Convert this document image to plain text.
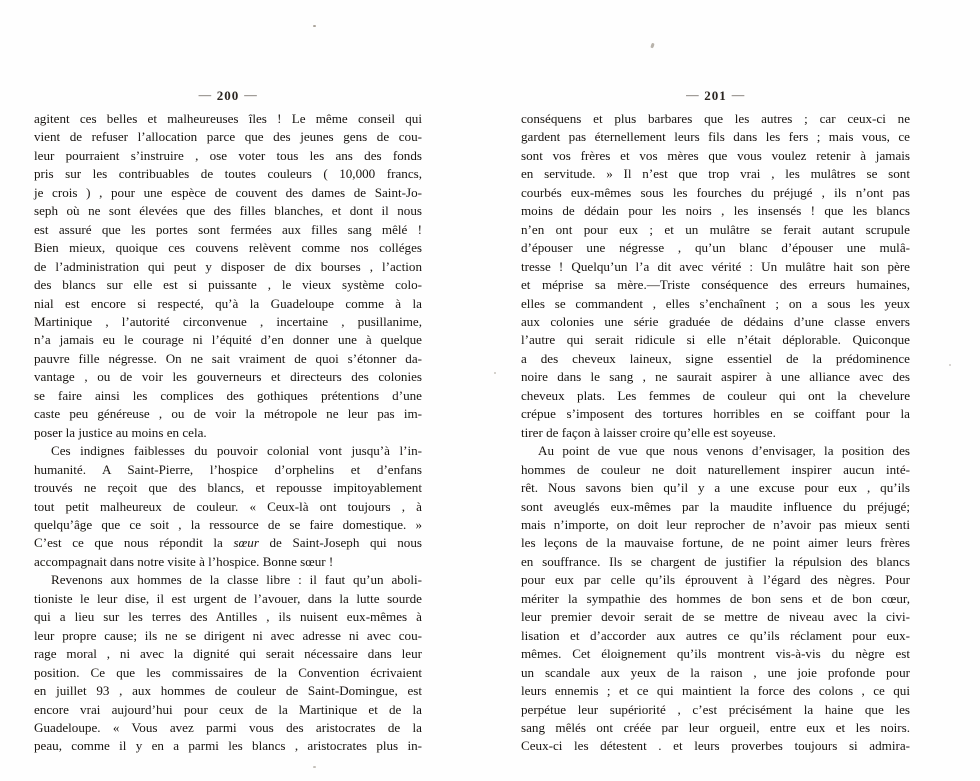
— 200 —
agitent ces belles et malheureuses îles ! Le même conseil qui
vient de refuser l’allocation parce que des jeunes gens de cou-
leur pourraient s’instruire , ose voter tous les ans des fonds
pris sur les contribuables de toutes couleurs ( 10,000 francs,
je crois ) , pour une espèce de couvent des dames de Saint-Jo-
seph où ne sont élevées que des filles blanches, et dont il nous
est assuré que les portes sont fermées aux filles sang mêlé !
Bien mieux, quoique ces couvens relèvent comme nos colléges
de l’administration qui peut y disposer de dix bourses , l’action
des blancs sur elle est si puissante , le vieux système colo-
nial est encore si respecté, qu’à la Guadeloupe comme à la
Martinique , l’autorité circonvenue , incertaine , pusillanime,
n’a jamais eu le courage ni l’équité d’en donner une à quelque
pauvre fille négresse. On ne sait vraiment de quoi s’étonner da-
vantage , ou de voir les gouverneurs et directeurs des colonies
se faire ainsi les complices des gothiques prétentions d’une
caste peu généreuse , ou de voir la métropole ne leur pas im-
poser la justice au moins en cela.
Ces indignes faiblesses du pouvoir colonial vont jusqu’à l’in-
humanité. A Saint-Pierre, l’hospice d’orphelins et d’enfans
trouvés ne reçoit que des blancs, et repousse impitoyablement
tout petit malheureux de couleur. « Ceux-là ont toujours , à
quelqu’âge que ce soit , la ressource de se faire domestique. »
C’est ce que nous répondit la sœur de Saint-Joseph qui nous
accompagnait dans notre visite à l’hospice. Bonne sœur !
Revenons aux hommes de la classe libre : il faut qu’un aboli-
tioniste le leur dise, il est urgent de l’avouer, dans la lutte sourde
qui a lieu sur les terres des Antilles , ils nuisent eux-mêmes à
leur propre cause; ils ne se dirigent ni avec adresse ni avec cou-
rage moral , ni avec la dignité qui serait nécessaire dans leur
position. Ce que les commissaires de la Convention écrivaient
en juillet 93 , aux hommes de couleur de Saint-Domingue, est
encore vrai aujourd’hui pour ceux de la Martinique et de la
Guadeloupe. « Vous avez parmi vous des aristocrates de la
peau, comme il y en a parmi les blancs , aristocrates plus in-
— 201 —
conséquens et plus barbares que les autres ; car ceux-ci ne
gardent pas éternellement leurs fils dans les fers ; mais vous, ce
sont vos frères et vos mères que vous voulez retenir à jamais
en servitude. » Il n’est que trop vrai , les mulâtres se sont
courbés eux-mêmes sous les fourches du préjugé , ils n’ont pas
moins de dédain pour les noirs , les insensés ! que les blancs
n’en ont pour eux ; et un mulâtre se ferait autant scrupule
d’épouser une négresse , qu’un blanc d’épouser une mulâ-
tresse ! Quelqu’un l’a dit avec vérité : Un mulâtre hait son père
et méprise sa mère.—Triste conséquence des erreurs humaines,
elles se commandent , elles s’enchaînent ; on a sous les yeux
aux colonies une série graduée de dédains d’une classe envers
l’autre qui serait ridicule si elle n’était déplorable. Quiconque
a des cheveux laineux, signe essentiel de la prédominence
noire dans le sang , ne saurait aspirer à une alliance avec des
cheveux plats. Les femmes de couleur qui ont la chevelure
crépue s’imposent des tortures horribles en se coiffant pour la
tirer de façon à laisser croire qu’elle est soyeuse.
Au point de vue que nous venons d’envisager, la position des
hommes de couleur ne doit naturellement inspirer aucun inté-
rêt. Nous savons bien qu’il y a une excuse pour eux , qu’ils
sont aveuglés eux-mêmes par la maudite influence du préjugé;
mais n’importe, on doit leur reprocher de n’avoir pas mieux senti
les leçons de la mauvaise fortune, de ne point aimer leurs frères
en souffrance. Ils se chargent de justifier la répulsion des blancs
pour eux par celle qu’ils éprouvent à l’égard des nègres. Pour
mériter la sympathie des hommes de bon sens et de bon cœur,
leur premier devoir serait de se mettre de niveau avec la civi-
lisation et d’accorder aux autres ce qu’ils réclament pour eux-
mêmes. Cet éloignement qu’ils montrent vis-à-vis du nègre est
un scandale aux yeux de la raison , une joie profonde pour
leurs ennemis ; et ce qui maintient la force des colons , ce qui
perpétue leur supériorité , c’est précisément la haine que les
sang mêlés ont créée par leur orgueil, entre eux et les noirs.
Ceux-ci les détestent . et leurs proverbes toujours si admira-
